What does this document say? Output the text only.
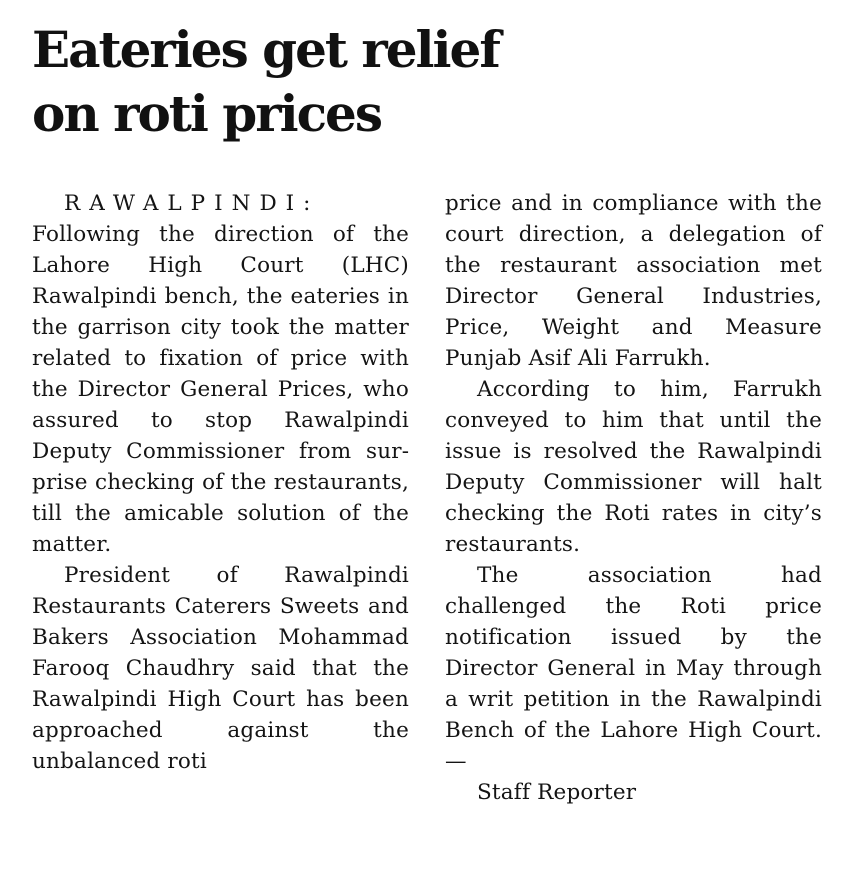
Eateries get relief
on roti prices

RAWALPINDI: Following the direction of the Lahore High Court (LHC) Rawalpindi bench, the eateries in the garrison city took the matter related to fixation of price with the Director General Prices, who assured to stop Rawalpindi Deputy Commissioner from surprise checking of the restaurants, till the amicable solution of the matter.

President of Rawalpindi Restaurants Caterers Sweets and Bakers Association Mohammad Farooq Chaudhry said that the Rawalpindi High Court has been approached against the unbalanced roti

price and in compliance with the court direction, a delegation of the restaurant association met Director General Industries, Price, Weight and Measure Punjab Asif Ali Farrukh.

According to him, Farrukh conveyed to him that until the issue is resolved the Rawalpindi Deputy Commissioner will halt checking the Roti rates in city’s restaurants.

The association had challenged the Roti price notification issued by the Director General in May through a writ petition in the Rawalpindi Bench of the Lahore High Court. —
Staff Reporter
